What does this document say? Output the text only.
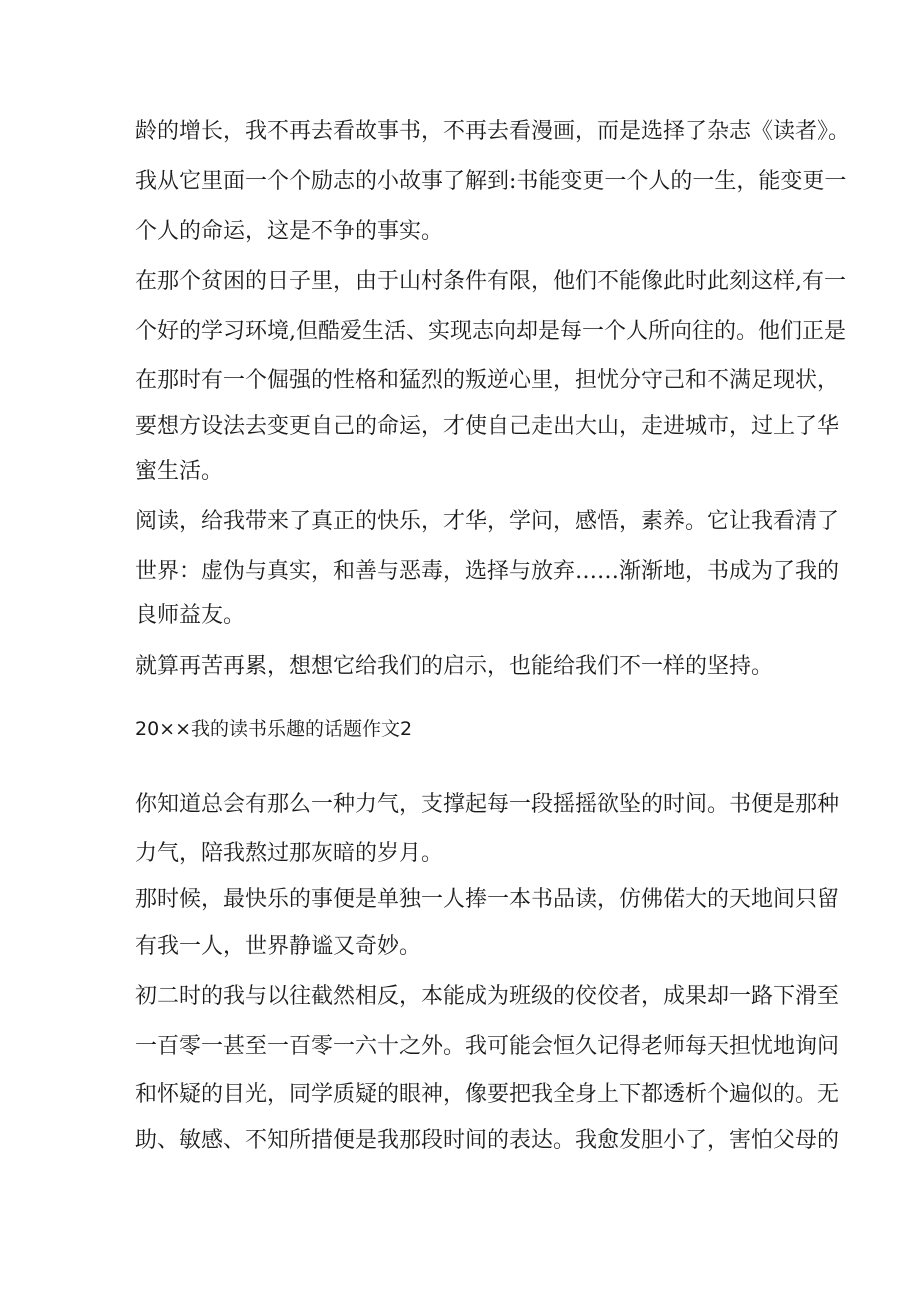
龄的增长，我不再去看故事书，不再去看漫画，而是选择了杂志《读者》。

我从它里面一个个励志的小故事了解到:书能变更一个人的一生，能变更一

个人的命运，这是不争的事实。

在那个贫困的日子里，由于山村条件有限，他们不能像此时此刻这样,有一

个好的学习环境,但酷爱生活、实现志向却是每一个人所向往的。他们正是

在那时有一个倔强的性格和猛烈的叛逆心里，担忧分守己和不满足现状，

要想方设法去变更自己的命运，才使自己走出大山，走进城市，过上了华

蜜生活。

阅读，给我带来了真正的快乐，才华，学问，感悟，素养。它让我看清了

世界：虚伪与真实，和善与恶毒，选择与放弃……渐渐地，书成为了我的

良师益友。

就算再苦再累，想想它给我们的启示，也能给我们不一样的坚持。

20××我的读书乐趣的话题作文2

你知道总会有那么一种力气，支撑起每一段摇摇欲坠的时间。书便是那种

力气，陪我熬过那灰暗的岁月。

那时候，最快乐的事便是单独一人捧一本书品读，仿佛偌大的天地间只留

有我一人，世界静谧又奇妙。

初二时的我与以往截然相反，本能成为班级的佼佼者，成果却一路下滑至

一百零一甚至一百零一六十之外。我可能会恒久记得老师每天担忧地询问

和怀疑的目光，同学质疑的眼神，像要把我全身上下都透析个遍似的。无

助、敏感、不知所措便是我那段时间的表达。我愈发胆小了，害怕父母的
